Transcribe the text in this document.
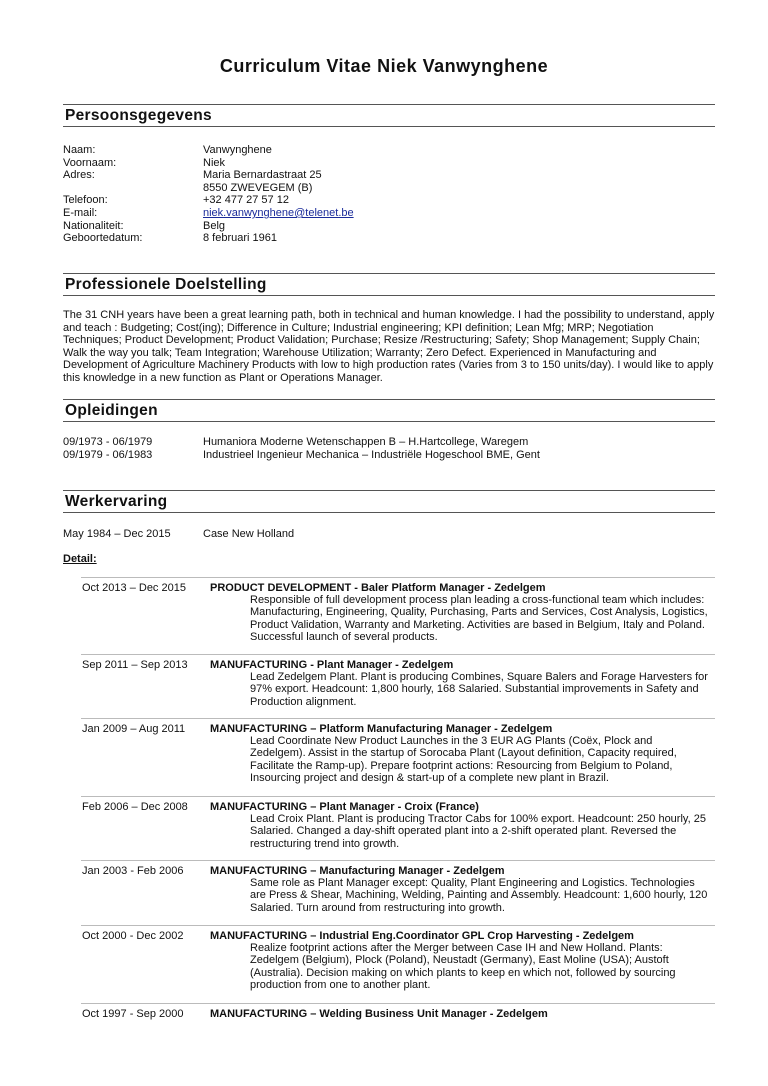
Curriculum Vitae Niek Vanwynghene
Persoonsgegevens
Naam:	Vanwynghene
Voornaam:	Niek
Adres:	Maria Bernardastraat 25
8550 ZWEVEGEM (B)
Telefoon:	+32 477 27 57 12
E-mail:	niek.vanwynghene@telenet.be
Nationaliteit:	Belg
Geboortedatum:	8 februari 1961
Professionele Doelstelling
The 31 CNH years have been a great learning path, both in technical and human knowledge. I had the possibility to understand, apply and teach : Budgeting; Cost(ing); Difference in Culture; Industrial engineering; KPI definition; Lean Mfg; MRP; Negotiation Techniques; Product Development; Product Validation; Purchase; Resize /Restructuring; Safety; Shop Management; Supply Chain; Walk the way you talk; Team Integration; Warehouse Utilization; Warranty; Zero Defect. Experienced in Manufacturing and Development of Agriculture Machinery Products with low to high production rates (Varies from 3 to 150 units/day). I would like to apply this knowledge in a new function as Plant or Operations Manager.
Opleidingen
09/1973 - 06/1979	Humaniora Moderne Wetenschappen B – H.Hartcollege, Waregem
09/1979 - 06/1983	Industrieel Ingenieur Mechanica – Industriële Hogeschool BME, Gent
Werkervaring
May 1984 – Dec 2015	Case New Holland
Detail:
Oct 2013 – Dec 2015 PRODUCT DEVELOPMENT - Baler Platform Manager - Zedelgem
Responsible of full development process plan leading a cross-functional team which includes: Manufacturing, Engineering, Quality, Purchasing, Parts and Services, Cost Analysis, Logistics, Product Validation, Warranty and Marketing. Activities are based in Belgium, Italy and Poland. Successful launch of several products.
Sep 2011 – Sep 2013 MANUFACTURING - Plant Manager - Zedelgem
Lead Zedelgem Plant. Plant is producing Combines, Square Balers and Forage Harvesters for 97% export. Headcount: 1,800 hourly, 168 Salaried. Substantial improvements in Safety and Production alignment.
Jan 2009 – Aug 2011 MANUFACTURING – Platform Manufacturing Manager - Zedelgem
Lead Coordinate New Product Launches in the 3 EUR AG Plants (Coëx, Plock and Zedelgem). Assist in the startup of Sorocaba Plant (Layout definition, Capacity required, Facilitate the Ramp-up). Prepare footprint actions: Resourcing from Belgium to Poland, Insourcing project and design & start-up of a complete new plant in Brazil.
Feb 2006 – Dec 2008 MANUFACTURING – Plant Manager - Croix (France)
Lead Croix Plant. Plant is producing Tractor Cabs for 100% export. Headcount: 250 hourly, 25 Salaried. Changed a day-shift operated plant into a 2-shift operated plant. Reversed the restructuring trend into growth.
Jan 2003 - Feb 2006 MANUFACTURING – Manufacturing Manager - Zedelgem
Same role as Plant Manager except: Quality, Plant Engineering and Logistics. Technologies are Press & Shear, Machining, Welding, Painting and Assembly. Headcount: 1,600 hourly, 120 Salaried. Turn around from restructuring into growth.
Oct 2000 - Dec 2002 MANUFACTURING – Industrial Eng.Coordinator GPL Crop Harvesting - Zedelgem
Realize footprint actions after the Merger between Case IH and New Holland. Plants: Zedelgem (Belgium), Plock (Poland), Neustadt (Germany), East Moline (USA); Austoft (Australia). Decision making on which plants to keep en which not, followed by sourcing production from one to another plant.
Oct 1997 - Sep 2000 MANUFACTURING – Welding Business Unit Manager - Zedelgem
